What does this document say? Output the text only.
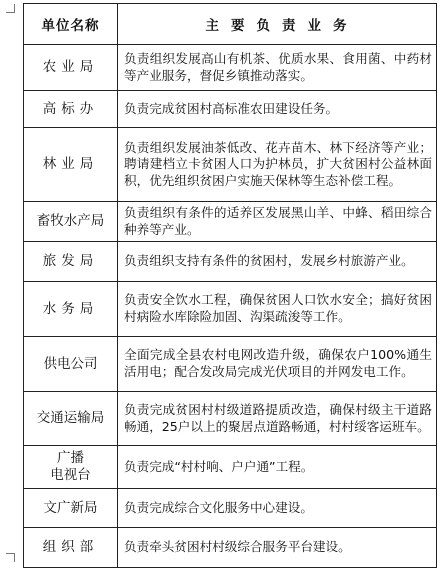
单位名称	主要负责业务
农业局	负责组织发展高山有机茶、优质水果、食用菌、中药材等产业服务，督促乡镇推动落实。
高标办	负责完成贫困村高标准农田建设任务。
林业局	负责组织发展油茶低改、花卉苗木、林下经济等产业；聘请建档立卡贫困人口为护林员，扩大贫困村公益林面积，优先组织贫困户实施天保林等生态补偿工程。
畜牧水产局	负责组织有条件的适养区发展黑山羊、中蜂、稻田综合种养等产业。
旅发局	负责组织支持有条件的贫困村，发展乡村旅游产业。
水务局	负责安全饮水工程，确保贫困人口饮水安全；搞好贫困村病险水库除险加固、沟渠疏浚等工作。
供电公司	全面完成全县农村电网改造升级，确保农户100%通生活用电；配合发改局完成光伏项目的并网发电工作。
交通运输局	负责完成贫困村村级道路提质改造，确保村级主干道路畅通，25户以上的聚居点道路畅通，村村绥客运班车。

广播
电视台	负责完成“村村响、户户通”工程。
文广新局	负责完成综合文化服务中心建设。
组织部	负责牵头贫困村村级综合服务平台建设。
